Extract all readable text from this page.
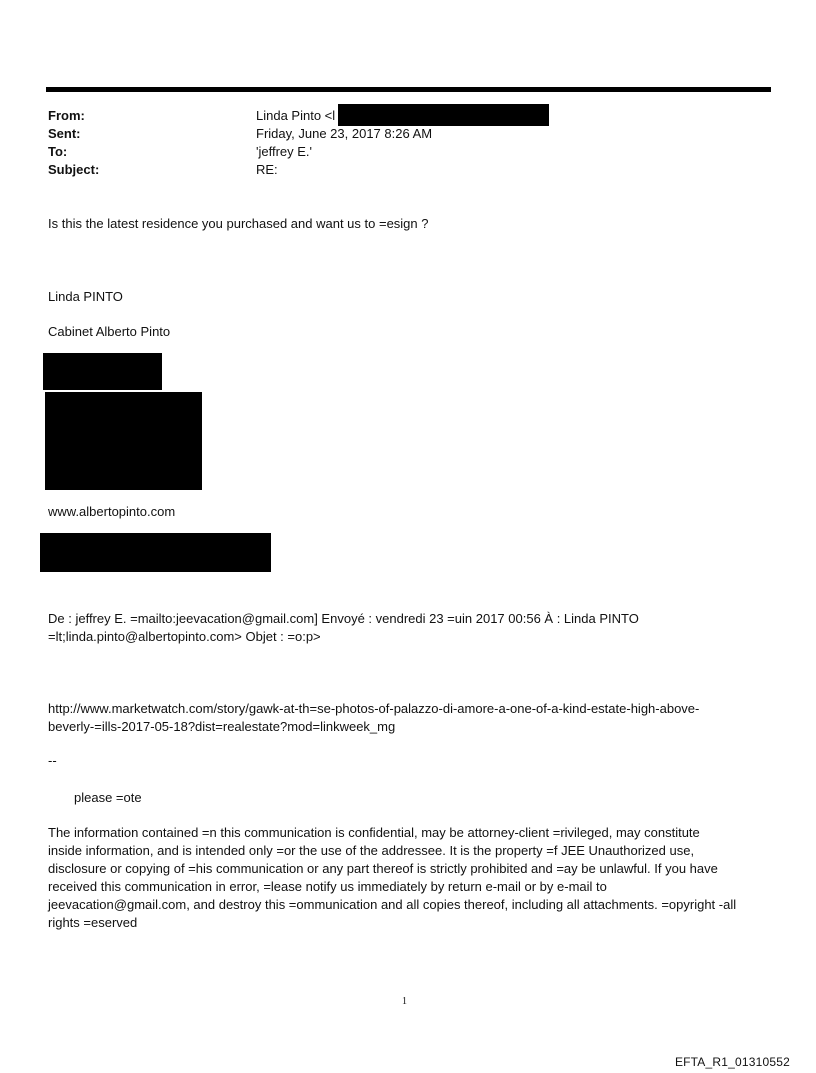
From:	Linda Pinto <l
Sent:	Friday, June 23, 2017 8:26 AM
To:	'jeffrey E.'
Subject:	RE:
Is this the latest residence you purchased and want us to =esign ?
Linda PINTO
Cabinet Alberto Pinto
www.albertopinto.com
De : jeffrey E. =mailto:jeevacation@gmail.com] Envoyé : vendredi 23 =uin 2017 00:56 À : Linda PINTO
=lt;linda.pinto@albertopinto.com> Objet : =o:p>
http://www.marketwatch.com/story/gawk-at-th=se-photos-of-palazzo-di-amore-a-one-of-a-kind-estate-high-above-
beverly-=ills-2017-05-18?dist=realestate?mod=linkweek_mg
--
please =ote
The information contained =n this communication is confidential, may be attorney-client =rivileged, may constitute
inside information, and is intended only =or the use of the addressee. It is the property =f JEE Unauthorized use,
disclosure or copying of =his communication or any part thereof is strictly prohibited and =ay be unlawful. If you have
received this communication in error, =lease notify us immediately by return e-mail or by e-mail to
jeevacation@gmail.com, and destroy this =ommunication and all copies thereof, including all attachments. =opyright -all
rights =eserved
1
EFTA_R1_01310552
